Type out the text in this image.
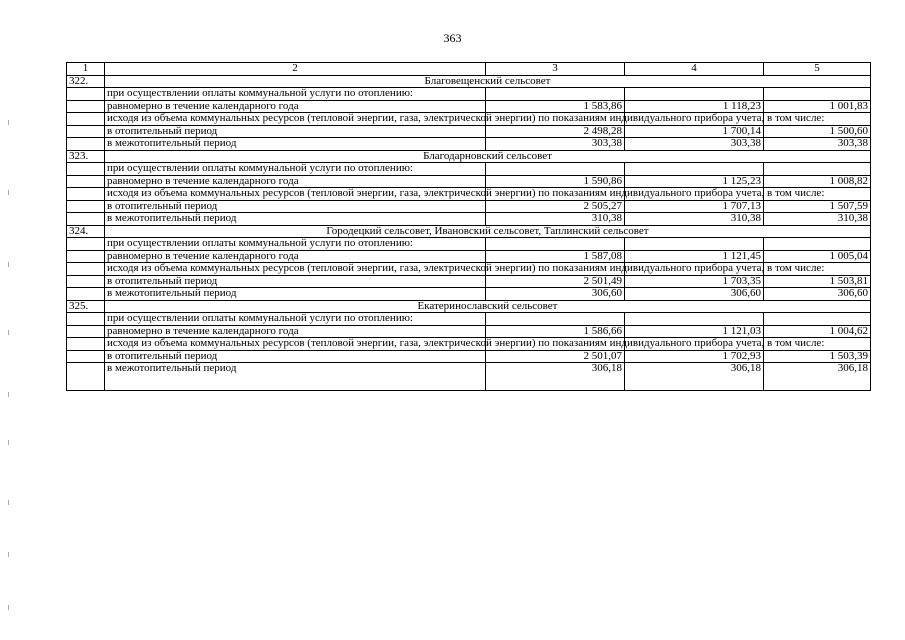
363
1	2	3	4	5
322.	Благовещенский сельсовет			
	при осуществлении оплаты коммунальной услуги по отоплению:			
	равномерно в течение календарного года	1 583,86	1 118,23	1 001,83
	исходя из объема коммунальных ресурсов (тепловой энергии, газа, электрической энергии) по показаниям индивидуального прибора учета, в том числе:			
	в отопительный период	2 498,28	1 700,14	1 500,60
	в межотопительный период	303,38	303,38	303,38
323.	Благодарновский сельсовет			
	при осуществлении оплаты коммунальной услуги по отоплению:			
	равномерно в течение календарного года	1 590,86	1 125,23	1 008,82
	исходя из объема коммунальных ресурсов (тепловой энергии, газа, электрической энергии) по показаниям индивидуального прибора учета, в том числе:			
	в отопительный период	2 505,27	1 707,13	1 507,59
	в межотопительный период	310,38	310,38	310,38
324.	Городецкий сельсовет, Ивановский сельсовет, Таплинский сельсовет			
	при осуществлении оплаты коммунальной услуги по отоплению:			
	равномерно в течение календарного года	1 587,08	1 121,45	1 005,04
	исходя из объема коммунальных ресурсов (тепловой энергии, газа, электрической энергии) по показаниям индивидуального прибора учета, в том числе:			
	в отопительный период	2 501,49	1 703,35	1 503,81
	в межотопительный период	306,60	306,60	306,60
325.	Екатеринославский сельсовет			
	при осуществлении оплаты коммунальной услуги по отоплению:			
	равномерно в течение календарного года	1 586,66	1 121,03	1 004,62
	исходя из объема коммунальных ресурсов (тепловой энергии, газа, электрической энергии) по показаниям индивидуального прибора учета, в том числе:			
	в отопительный период	2 501,07	1 702,93	1 503,39
	в межотопительный период	306,18	306,18	306,18
